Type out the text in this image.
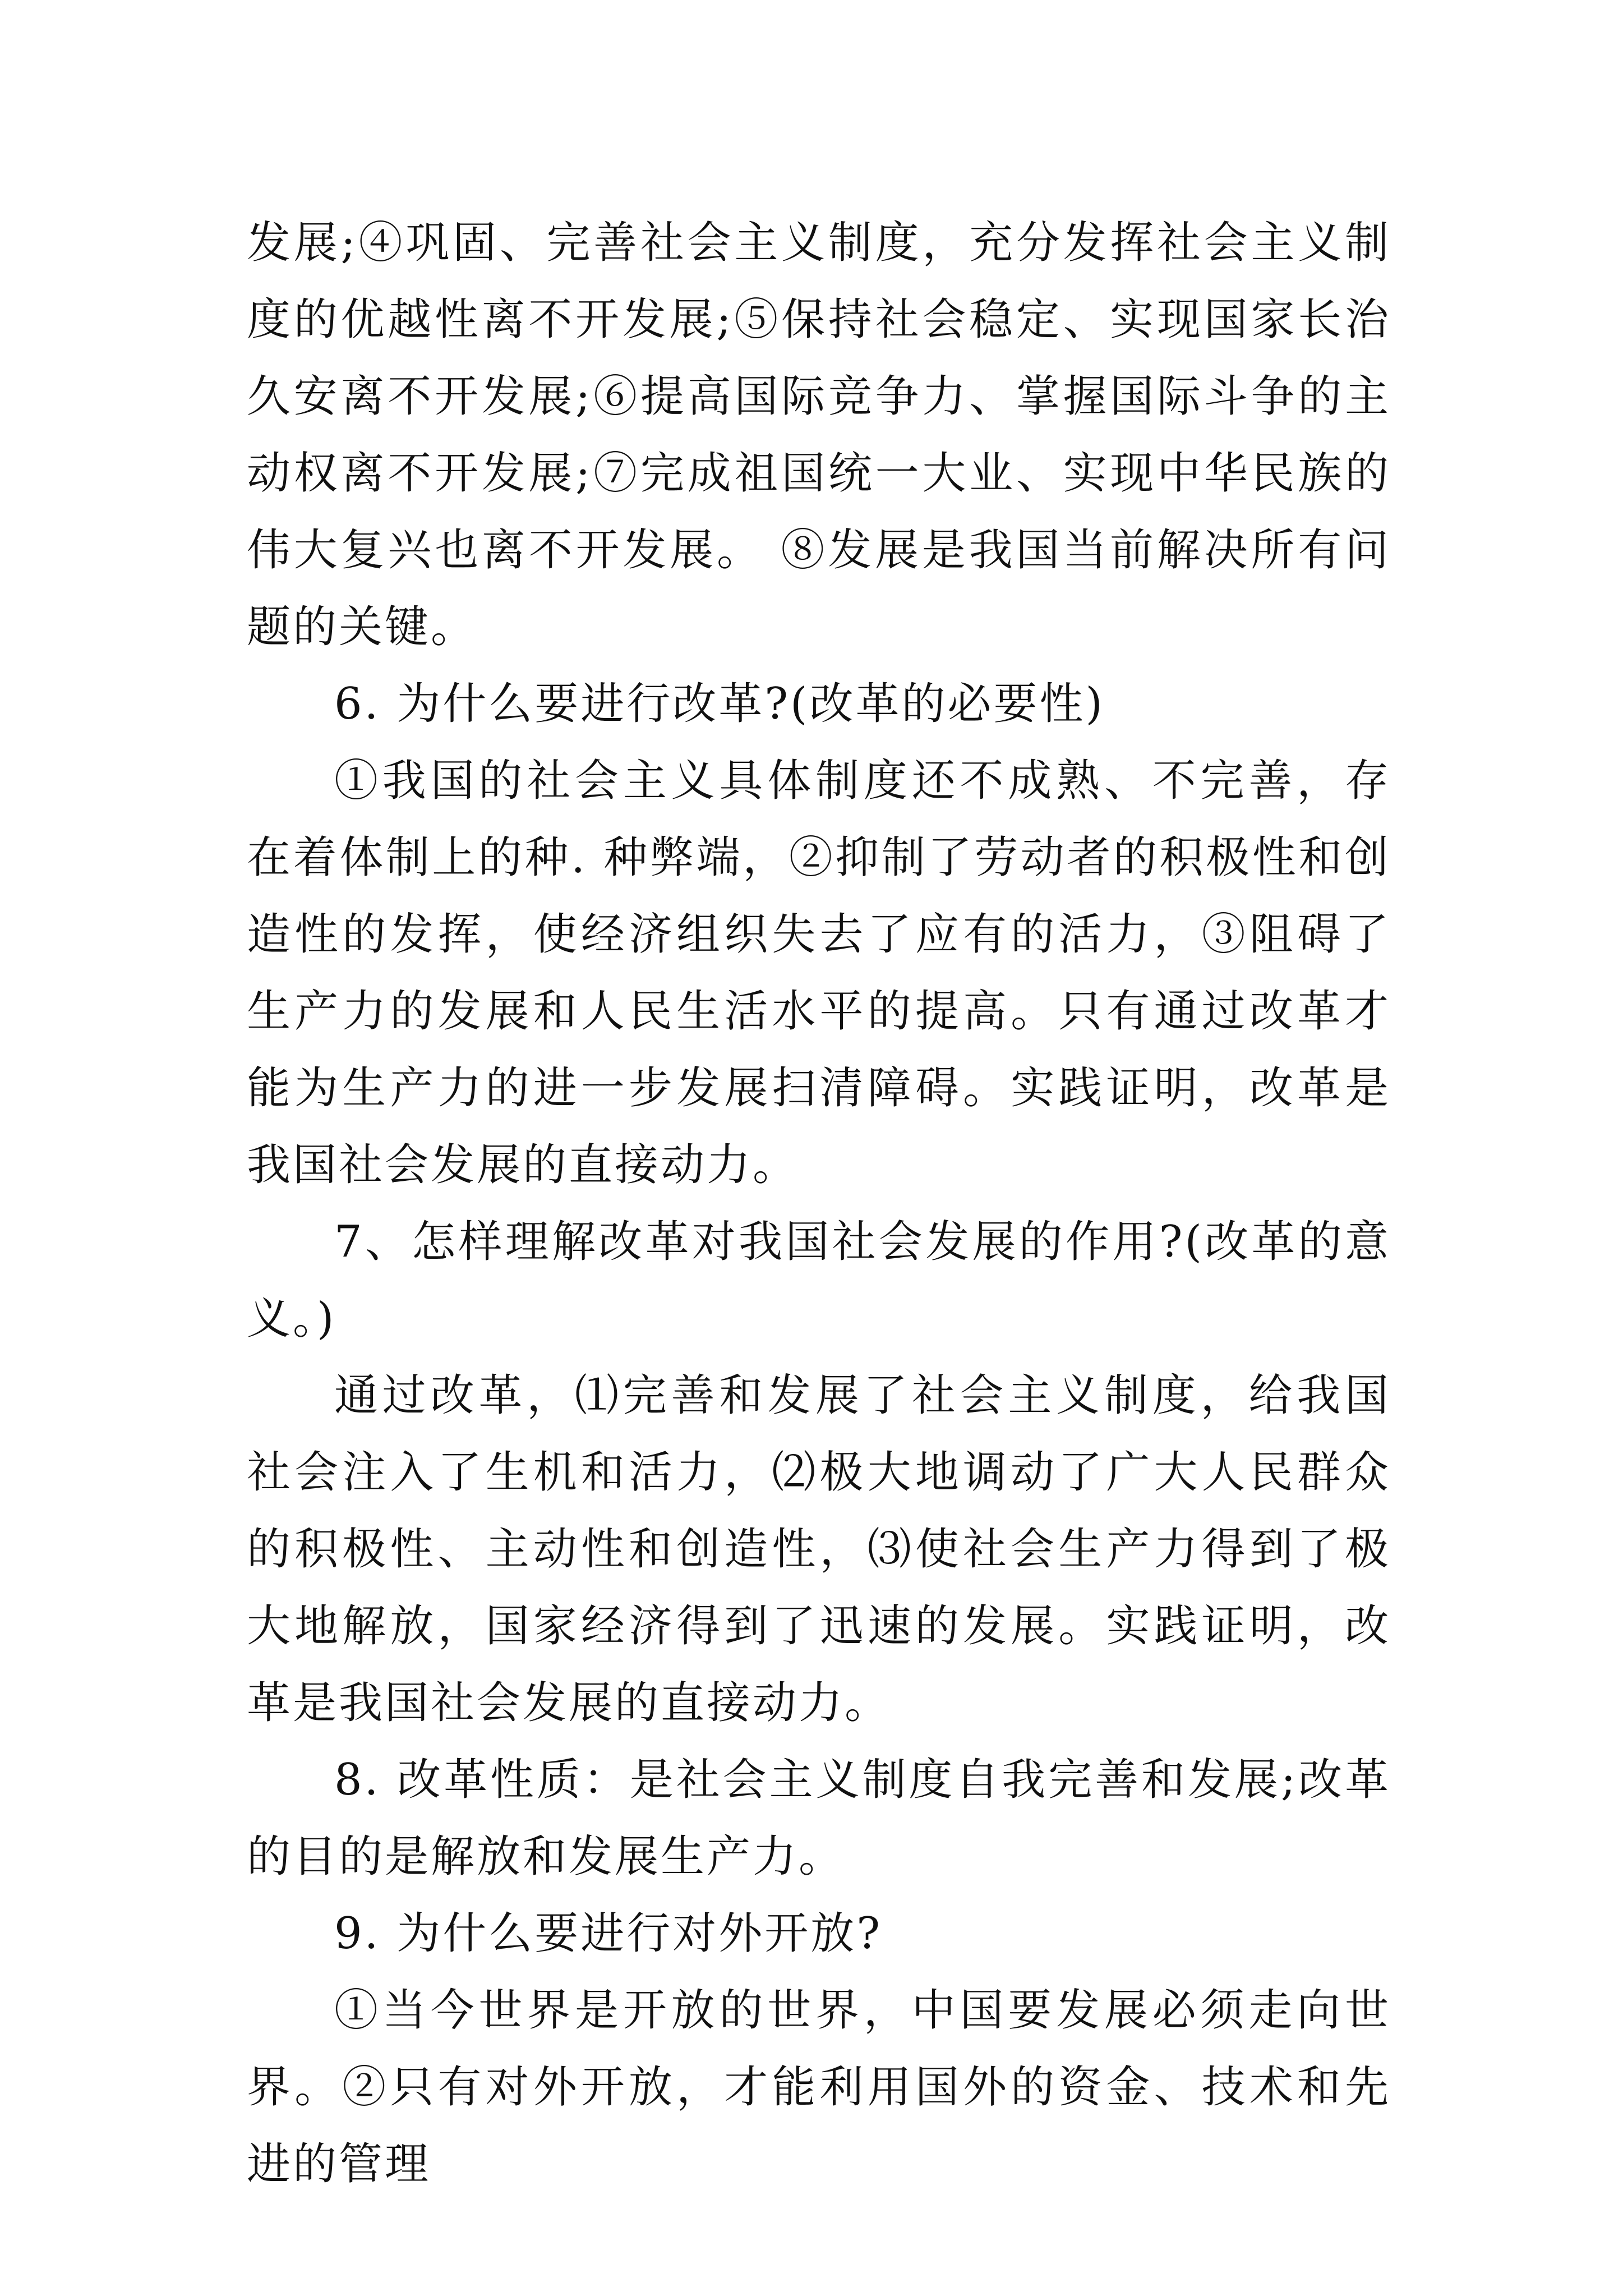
发展;④巩固、完善社会主义制度，充分发挥社会主义制度的优越性离不开发展;⑤保持社会稳定、实现国家长治久安离不开发展;⑥提高国际竞争力、掌握国际斗争的主动权离不开发展;⑦完成祖国统一大业、实现中华民族的伟大复兴也离不开发展。 ⑧发展是我国当前解决所有问题的关键。

6. 为什么要进行改革?(改革的必要性)

①我国的社会主义具体制度还不成熟、不完善，存在着体制上的种. 种弊端，②抑制了劳动者的积极性和创造性的发挥，使经济组织失去了应有的活力，③阻碍了生产力的发展和人民生活水平的提高。只有通过改革才能为生产力的进一步发展扫清障碍。实践证明，改革是我国社会发展的直接动力。

7、怎样理解改革对我国社会发展的作用?(改革的意义。)

通过改革，⑴完善和发展了社会主义制度，给我国社会注入了生机和活力，⑵极大地调动了广大人民群众的积极性、主动性和创造性，⑶使社会生产力得到了极大地解放，国家经济得到了迅速的发展。实践证明，改革是我国社会发展的直接动力。

8. 改革性质：是社会主义制度自我完善和发展;改革的目的是解放和发展生产力。

9. 为什么要进行对外开放?

①当今世界是开放的世界，中国要发展必须走向世界。②只有对外开放，才能利用国外的资金、技术和先进的管理
